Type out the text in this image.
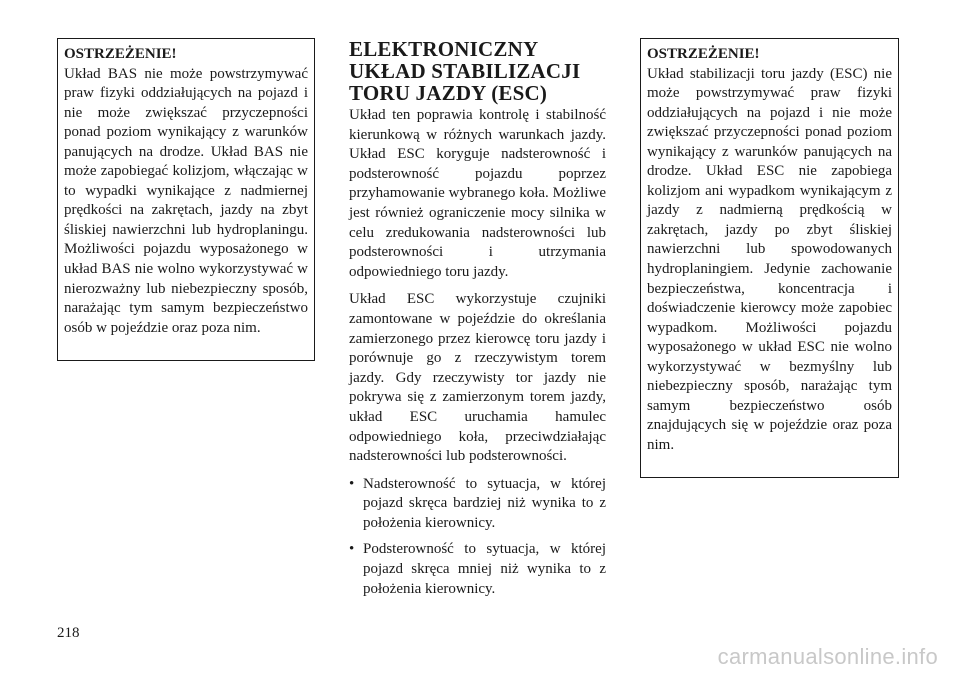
OSTRZEŻENIE!
Układ BAS nie może powstrzymywać praw fizyki oddziałujących na pojazd i nie może zwiększać przyczepności ponad poziom wynikający z warunków panujących na drodze. Układ BAS nie może zapobiegać kolizjom, włączając w to wypadki wynikające z nadmiernej prędkości na zakrętach, jazdy na zbyt śliskiej nawierzchni lub hydroplaningu. Możliwości pojazdu wyposażonego w układ BAS nie wolno wykorzystywać w nierozważny lub niebezpieczny sposób, narażając tym samym bezpieczeństwo osób w pojeździe oraz poza nim.
ELEKTRONICZNY UKŁAD STABILIZACJI TORU JAZDY (ESC)

Układ ten poprawia kontrolę i stabilność kierunkową w różnych warunkach jazdy. Układ ESC koryguje nadsterowność i podsterowność pojazdu poprzez przyhamowanie wybranego koła. Możliwe jest również ograniczenie mocy silnika w celu zredukowania nadsterowności lub podsterowności i utrzymania odpowiedniego toru jazdy.

Układ ESC wykorzystuje czujniki zamontowane w pojeździe do określania zamierzonego przez kierowcę toru jazdy i porównuje go z rzeczywistym torem jazdy. Gdy rzeczywisty tor jazdy nie pokrywa się z zamierzonym torem jazdy, układ ESC uruchamia hamulec odpowiedniego koła, przeciwdziałając nadsterowności lub podsterowności.

• Nadsterowność to sytuacja, w której pojazd skręca bardziej niż wynika to z położenia kierownicy.
• Podsterowność to sytuacja, w której pojazd skręca mniej niż wynika to z położenia kierownicy.
OSTRZEŻENIE!
Układ stabilizacji toru jazdy (ESC) nie może powstrzymywać praw fizyki oddziałujących na pojazd i nie może zwiększać przyczepności ponad poziom wynikający z warunków panujących na drodze. Układ ESC nie zapobiega kolizjom ani wypadkom wynikającym z jazdy z nadmierną prędkością w zakrętach, jazdy po zbyt śliskiej nawierzchni lub spowodowanych hydroplaningiem. Jedynie zachowanie bezpieczeństwa, koncentracja i doświadczenie kierowcy może zapobiec wypadkom. Możliwości pojazdu wyposażonego w układ ESC nie wolno wykorzystywać w bezmyślny lub niebezpieczny sposób, narażając tym samym bezpieczeństwo osób znajdujących się w pojeździe oraz poza nim.
218
carmanualsonline.info
